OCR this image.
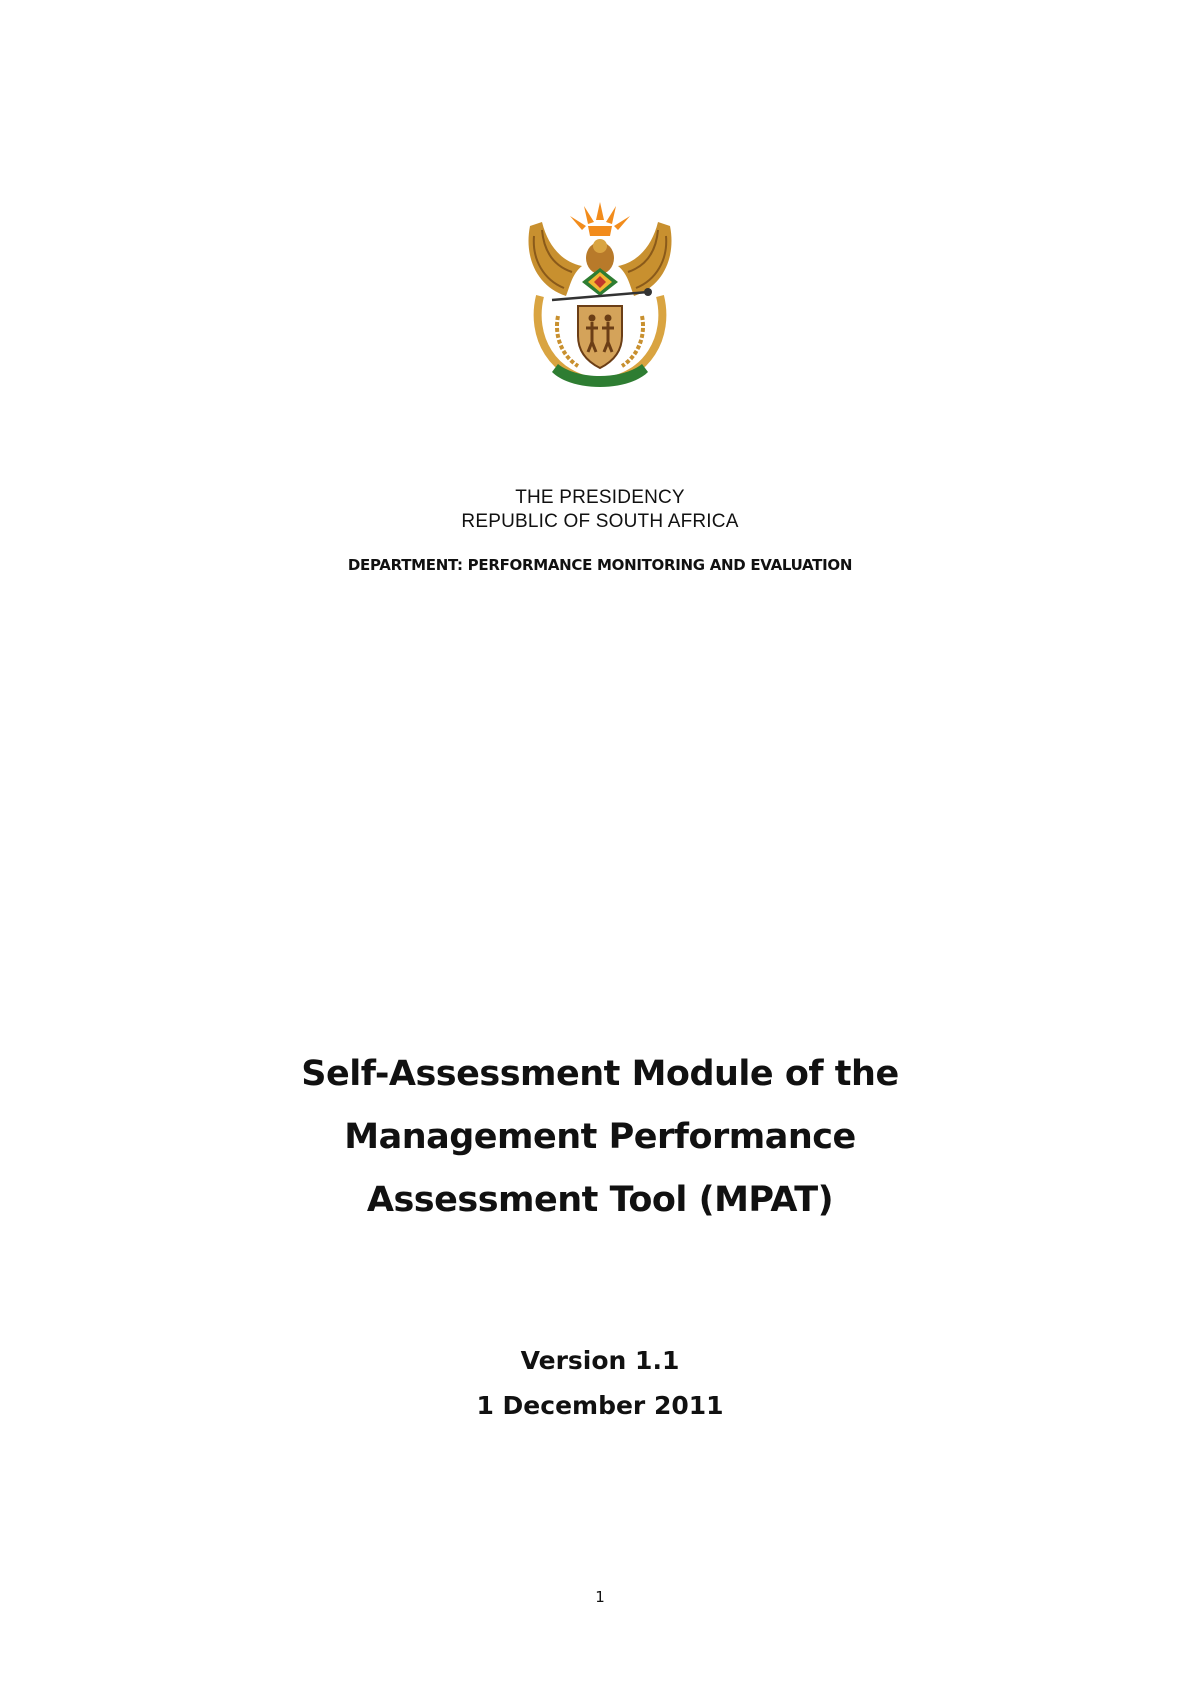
THE PRESIDENCY
REPUBLIC OF SOUTH AFRICA
DEPARTMENT: PERFORMANCE MONITORING AND EVALUATION
Self-Assessment Module of the
Management Performance
Assessment Tool (MPAT)
Version 1.1
1 December 2011
1
